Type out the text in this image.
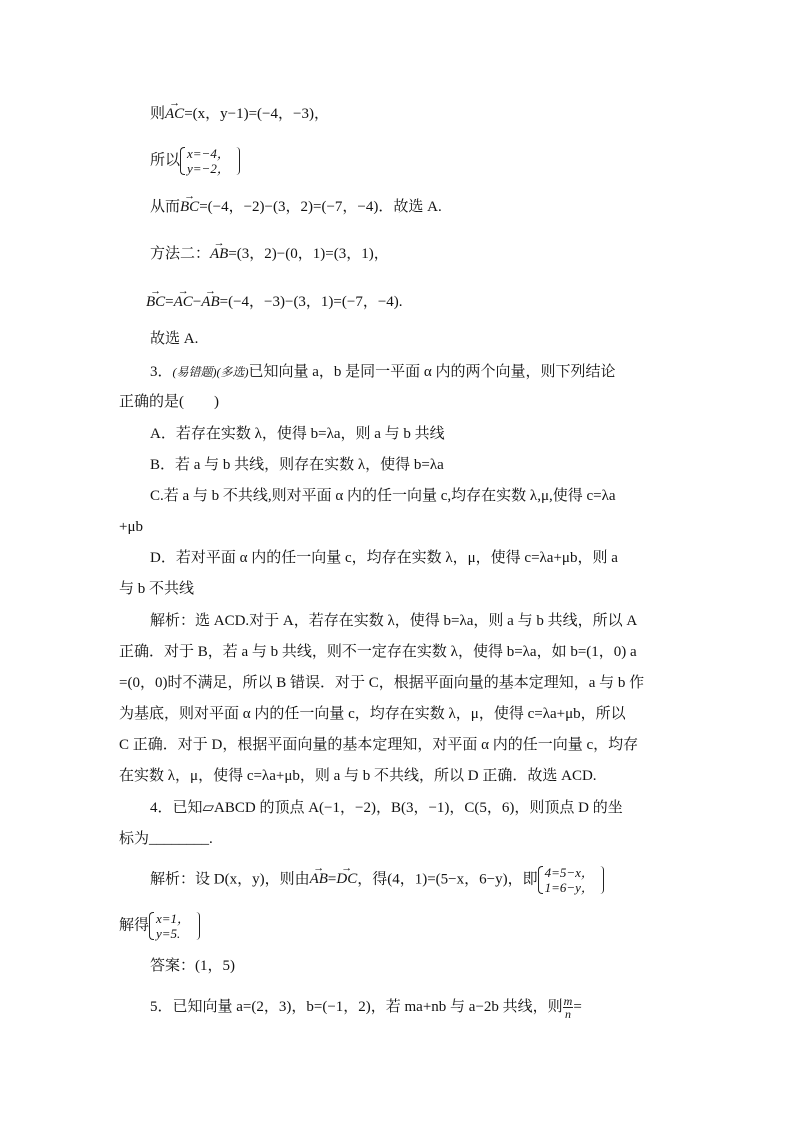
则→ AC=(x，y−1)=(−4，−3)，
所以 x=−4，
y=−2，
从而→ BC=(−4，−2)−(3，2)=(−7，−4)．故选 A.
方法二：→ AB=(3，2)−(0，1)=(3，1)，
→ BC=→ AC−→ AB=(−4，−3)−(3，1)=(−7，−4).
故选 A.
3．(易错题)(多选)已知向量 a，b 是同一平面 α 内的两个向量，则下列结论
正确的是(　　)
A．若存在实数 λ，使得 b=λa，则 a 与 b 共线
B．若 a 与 b 共线，则存在实数 λ，使得 b=λa
C.若 a 与 b 不共线,则对平面 α 内的任一向量 c,均存在实数 λ,μ,使得 c=λa
+μb
D．若对平面 α 内的任一向量 c，均存在实数 λ，μ，使得 c=λa+μb，则 a
与 b 不共线
解析：选 ACD.对于 A，若存在实数 λ，使得 b=λa，则 a 与 b 共线，所以 A
正确．对于 B，若 a 与 b 共线，则不一定存在实数 λ，使得 b=λa，如 b=(1，0) a
=(0，0)时不满足，所以 B 错误．对于 C，根据平面向量的基本定理知，a 与 b 作
为基底，则对平面 α 内的任一向量 c，均存在实数 λ，μ，使得 c=λa+μb，所以
C 正确．对于 D，根据平面向量的基本定理知，对平面 α 内的任一向量 c，均存
在实数 λ，μ，使得 c=λa+μb，则 a 与 b 不共线，所以 D 正确．故选 ACD.
4．已知▱ABCD 的顶点 A(−1，−2)，B(3，−1)，C(5，6)，则顶点 D 的坐
标为________.
解析：设 D(x，y)，则由→ AB=→ DC，得(4，1)=(5−x，6−y)，即 4=5−x，
1=6−y，
解得 x=1，
y=5.
答案：(1，5)
5．已知向量 a=(2，3)，b=(−1，2)，若 ma+nb 与 a−2b 共线，则 $\frac{m}{n}$ =
